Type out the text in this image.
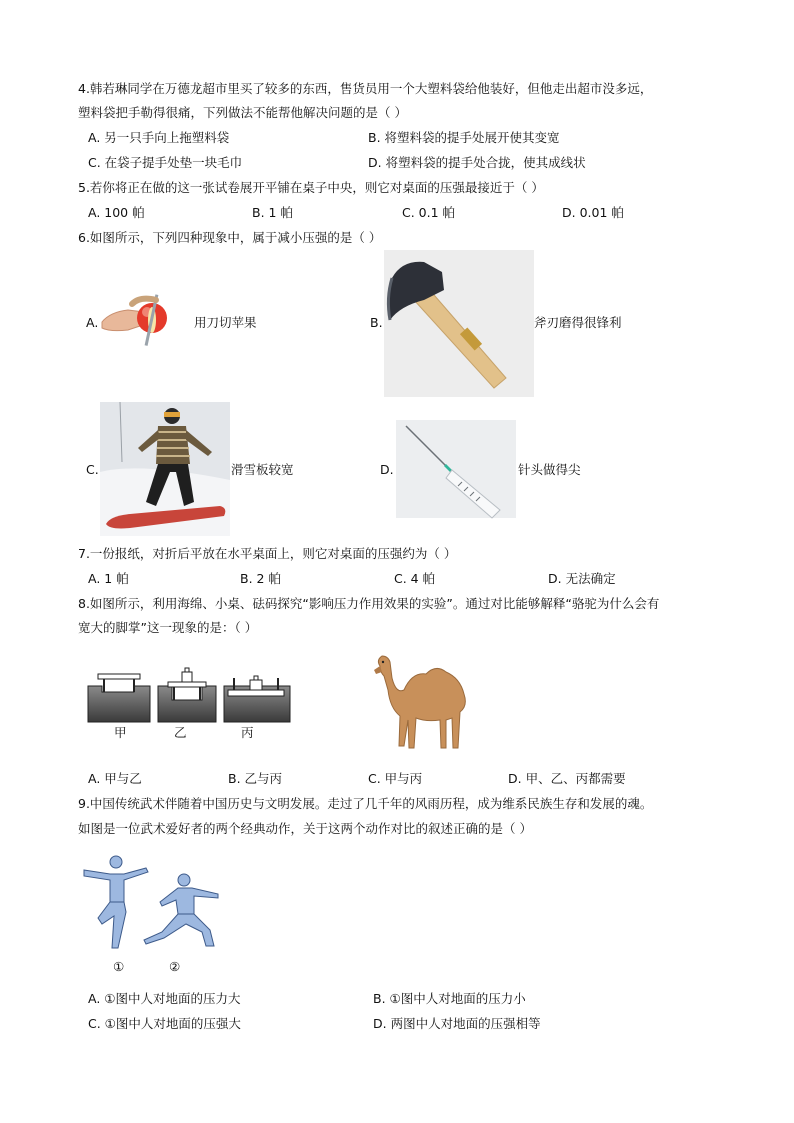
4.韩若琳同学在万德龙超市里买了较多的东西，售货员用一个大塑料袋给他装好，但他走出超市没多远，
塑料袋把手勒得很痛，下列做法不能帮他解决问题的是（ ）
A. 另一只手向上拖塑料袋	B. 将塑料袋的提手处展开使其变宽
C. 在袋子提手处垫一块毛巾	D. 将塑料袋的提手处合拢，使其成线状
5.若你将正在做的这一张试卷展开平铺在桌子中央，则它对桌面的压强最接近于（ ）
A. 100 帕	B. 1 帕	C. 0.1 帕	D. 0.01 帕
6.如图所示，下列四种现象中，属于减小压强的是（ ）
A.	用刀切苹果	B.	斧刃磨得很锋利
C.	滑雪板较宽	D.	针头做得尖
7.一份报纸，对折后平放在水平桌面上，则它对桌面的压强约为（ ）
A. 1 帕	B. 2 帕	C. 4 帕	D. 无法确定
8.如图所示，利用海绵、小桌、砝码探究“影响压力作用效果的实验”。通过对比能够解释“骆驼为什么会有
宽大的脚掌”这一现象的是：（ ）
甲	乙	丙
A. 甲与乙	B. 乙与丙	C. 甲与丙	D. 甲、乙、丙都需要
9.中国传统武术伴随着中国历史与文明发展。走过了几千年的风雨历程，成为维系民族生存和发展的魂。
如图是一位武术爱好者的两个经典动作，关于这两个动作对比的叙述正确的是（ ）
①	②
A. ①图中人对地面的压力大	B. ①图中人对地面的压力小
C. ①图中人对地面的压强大	D. 两图中人对地面的压强相等
